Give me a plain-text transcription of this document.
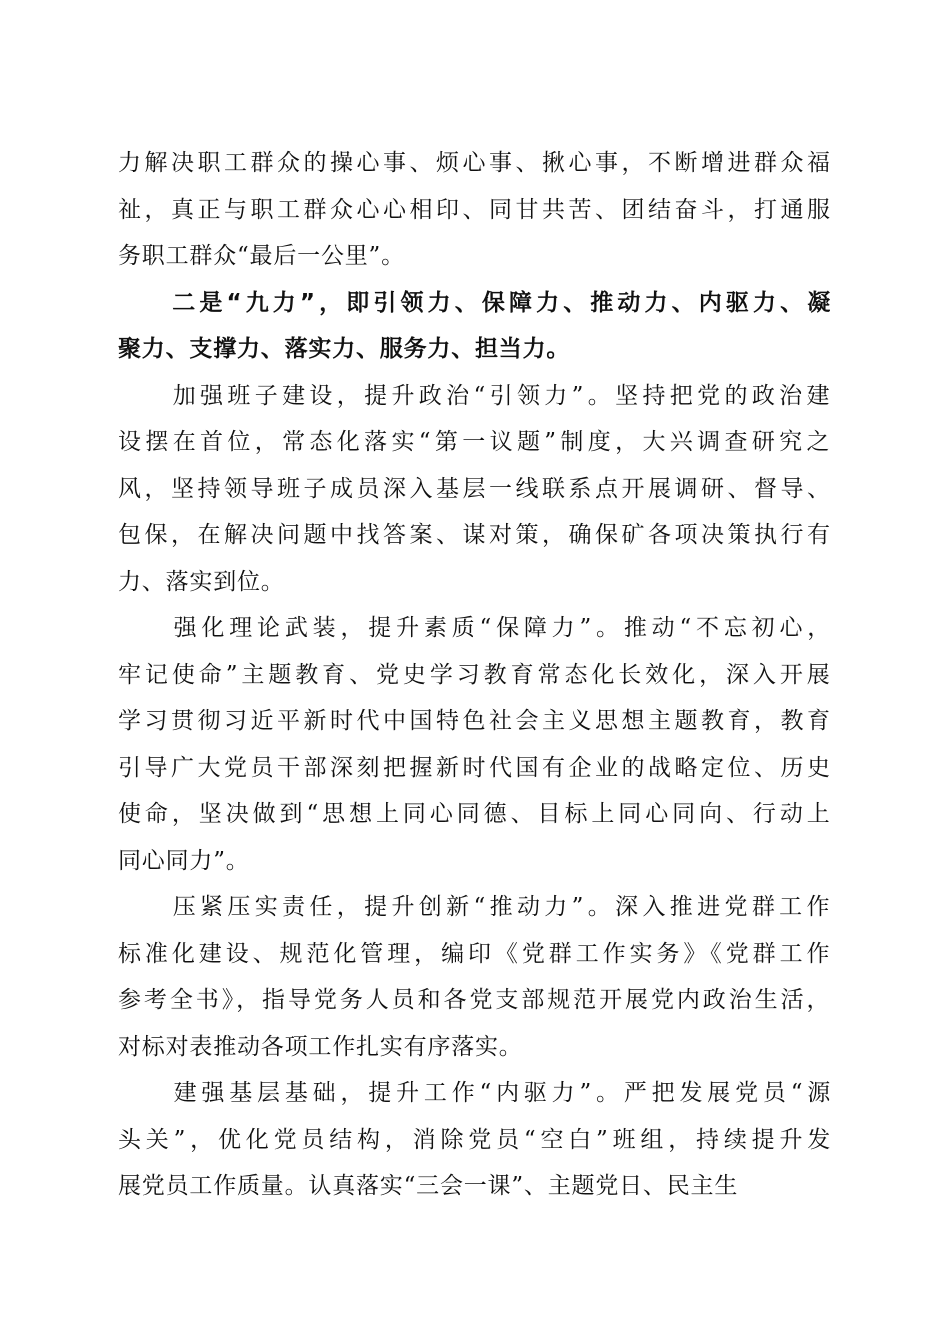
力解决职工群众的操心事、烦心事、揪心事，不断增进群众福
祉，真正与职工群众心心相印、同甘共苦、团结奋斗，打通服
务职工群众“最后一公里”。
　　二是“九力”，即引领力、保障力、推动力、内驱力、凝
聚力、支撑力、落实力、服务力、担当力。
　　加强班子建设，提升政治“引领力”。坚持把党的政治建
设摆在首位，常态化落实“第一议题”制度，大兴调查研究之
风，坚持领导班子成员深入基层一线联系点开展调研、督导、
包保，在解决问题中找答案、谋对策，确保矿各项决策执行有
力、落实到位。
　　强化理论武装，提升素质“保障力”。推动“不忘初心，
牢记使命”主题教育、党史学习教育常态化长效化，深入开展
学习贯彻习近平新时代中国特色社会主义思想主题教育，教育
引导广大党员干部深刻把握新时代国有企业的战略定位、历史
使命，坚决做到“思想上同心同德、目标上同心同向、行动上
同心同力”。
　　压紧压实责任，提升创新“推动力”。深入推进党群工作
标准化建设、规范化管理，编印《党群工作实务》《党群工作
参考全书》，指导党务人员和各党支部规范开展党内政治生活，
对标对表推动各项工作扎实有序落实。
　　建强基层基础，提升工作“内驱力”。严把发展党员“源
头关”，优化党员结构，消除党员“空白”班组，持续提升发
展党员工作质量。认真落实“三会一课”、主题党日、民主生
